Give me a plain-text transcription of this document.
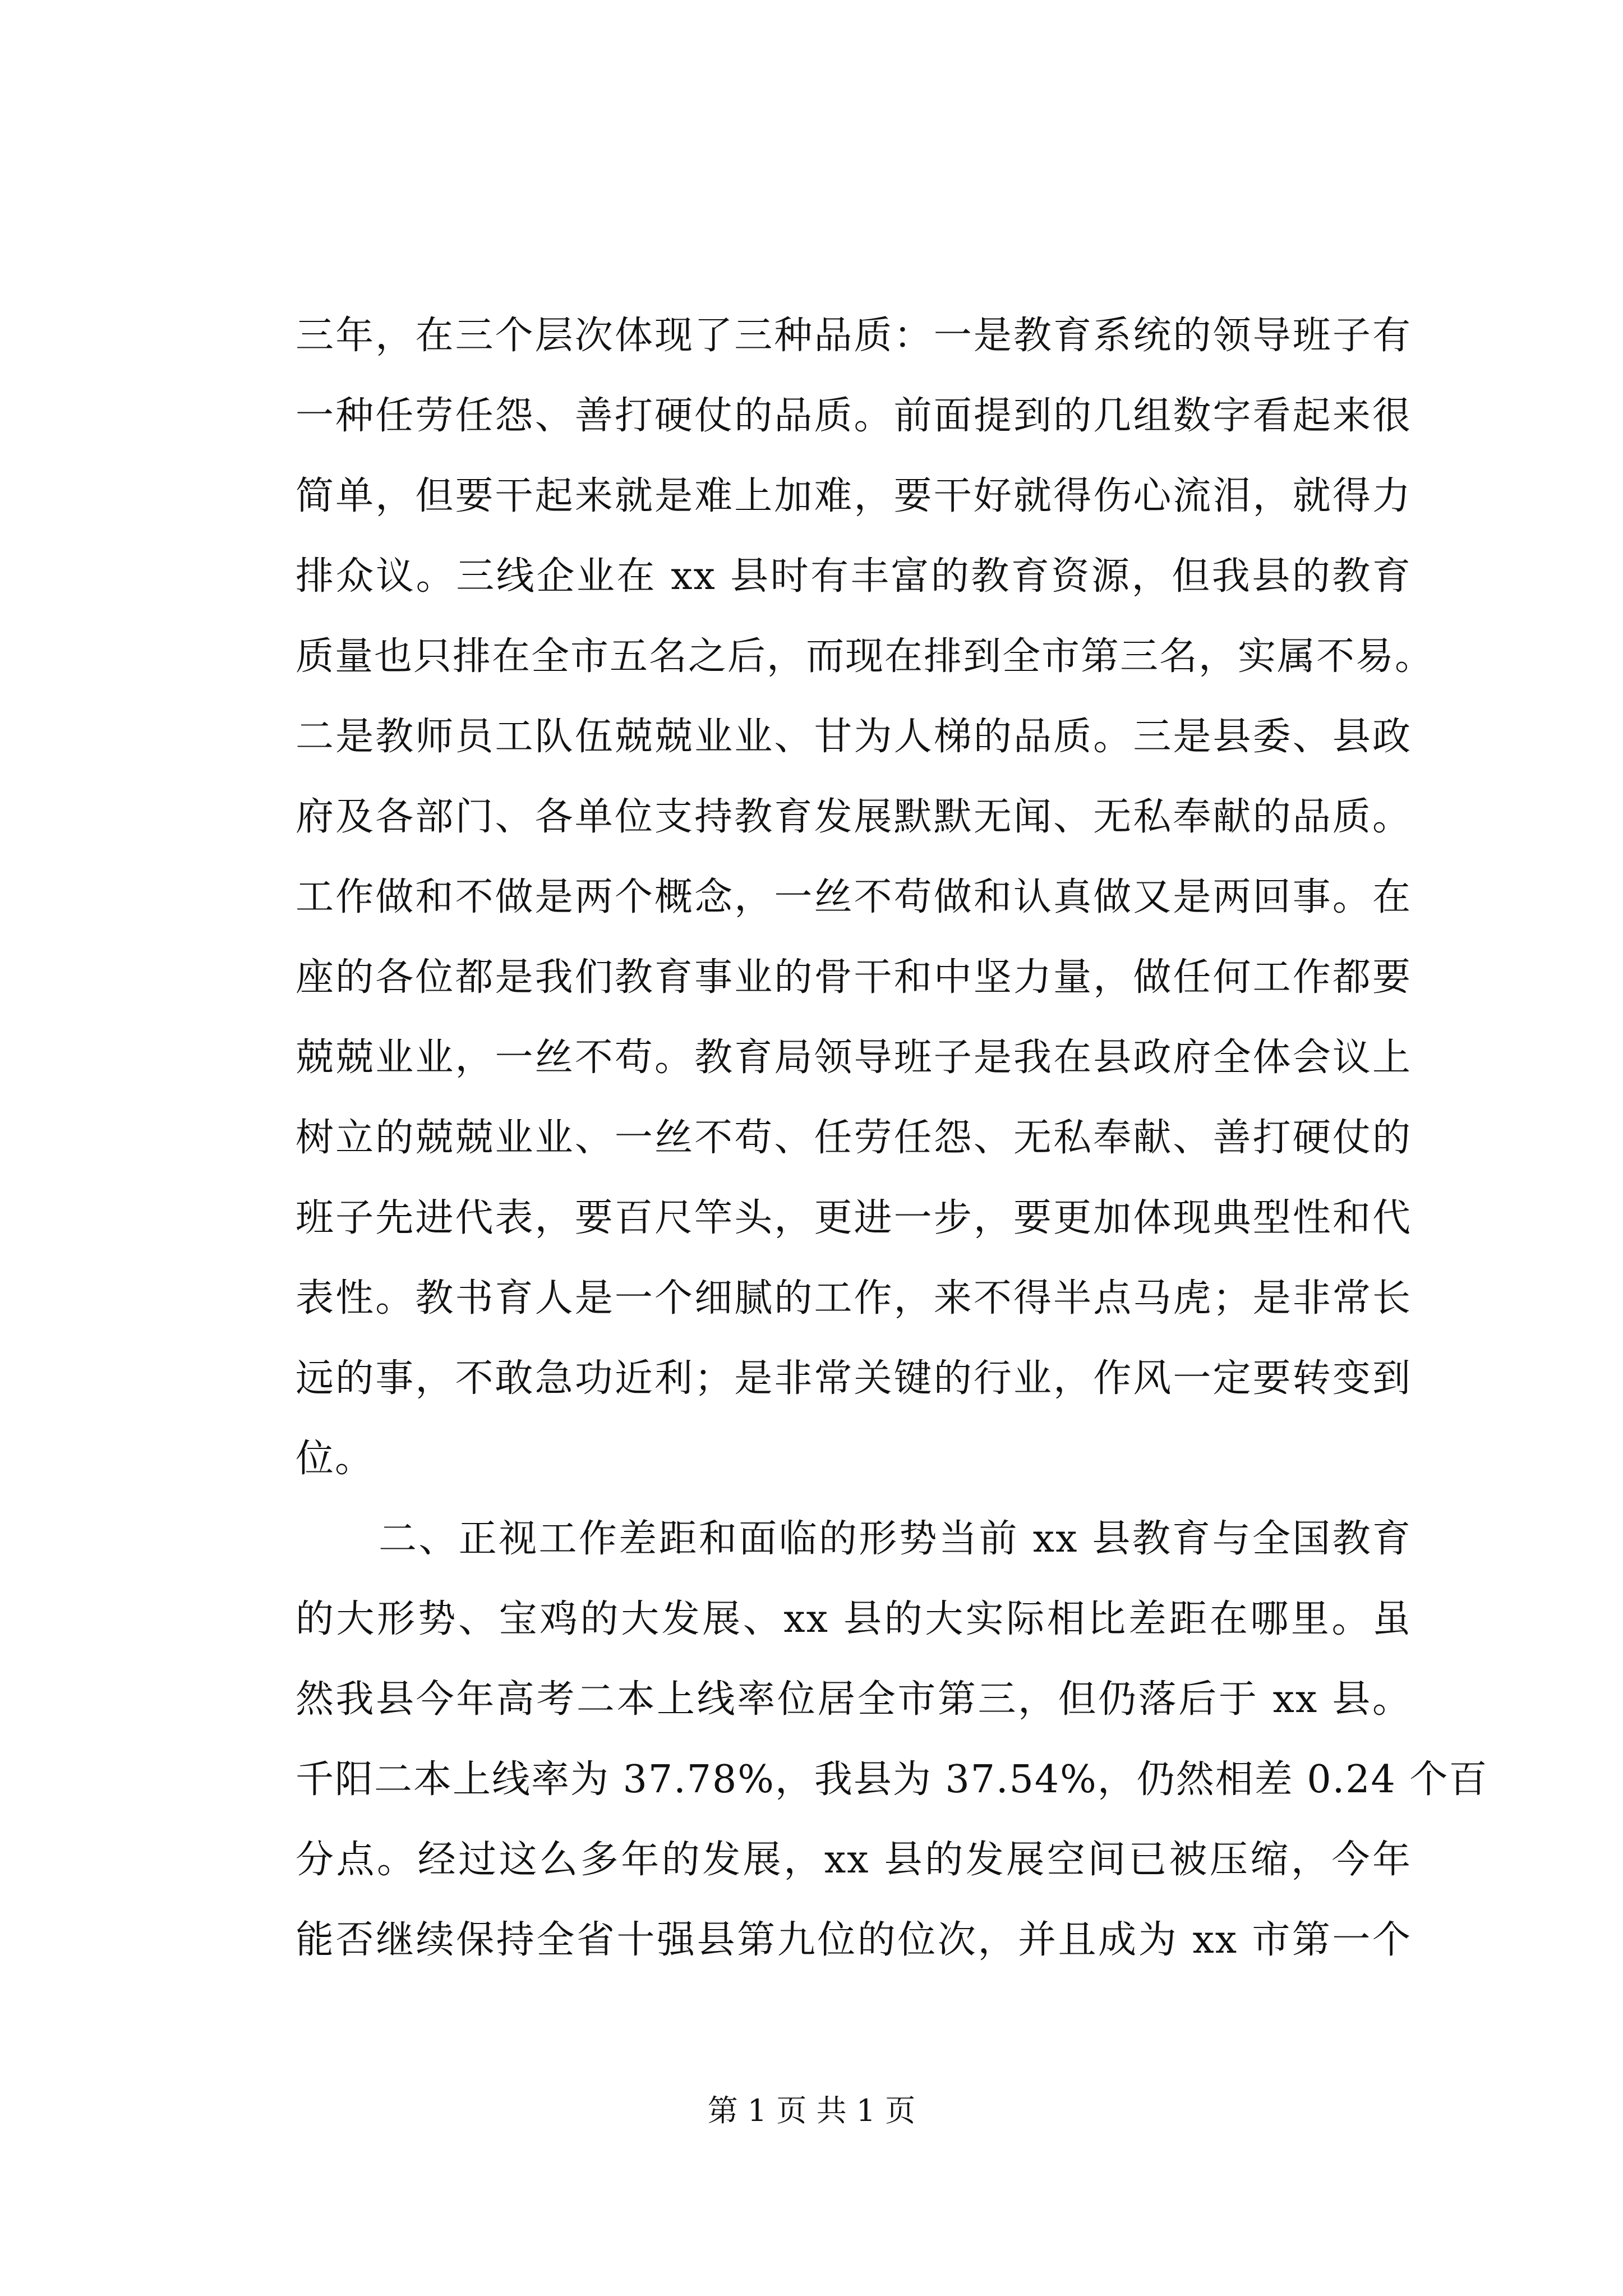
三年，在三个层次体现了三种品质：一是教育系统的领导班子有
一种任劳任怨、善打硬仗的品质。前面提到的几组数字看起来很
简单，但要干起来就是难上加难，要干好就得伤心流泪，就得力
排众议。三线企业在 xx 县时有丰富的教育资源，但我县的教育
质量也只排在全市五名之后，而现在排到全市第三名，实属不易。
二是教师员工队伍兢兢业业、甘为人梯的品质。三是县委、县政
府及各部门、各单位支持教育发展默默无闻、无私奉献的品质。
工作做和不做是两个概念，一丝不苟做和认真做又是两回事。在
座的各位都是我们教育事业的骨干和中坚力量，做任何工作都要
兢兢业业，一丝不苟。教育局领导班子是我在县政府全体会议上
树立的兢兢业业、一丝不苟、任劳任怨、无私奉献、善打硬仗的
班子先进代表，要百尺竿头，更进一步，要更加体现典型性和代
表性。教书育人是一个细腻的工作，来不得半点马虎；是非常长
远的事，不敢急功近利；是非常关键的行业，作风一定要转变到
位。
二、正视工作差距和面临的形势当前 xx 县教育与全国教育
的大形势、宝鸡的大发展、xx 县的大实际相比差距在哪里。虽
然我县今年高考二本上线率位居全市第三，但仍落后于 xx 县。
千阳二本上线率为 37.78%，我县为 37.54%，仍然相差 0.24 个百
分点。经过这么多年的发展，xx 县的发展空间已被压缩，今年
能否继续保持全省十强县第九位的位次，并且成为 xx 市第一个
第 1 页 共 1 页
